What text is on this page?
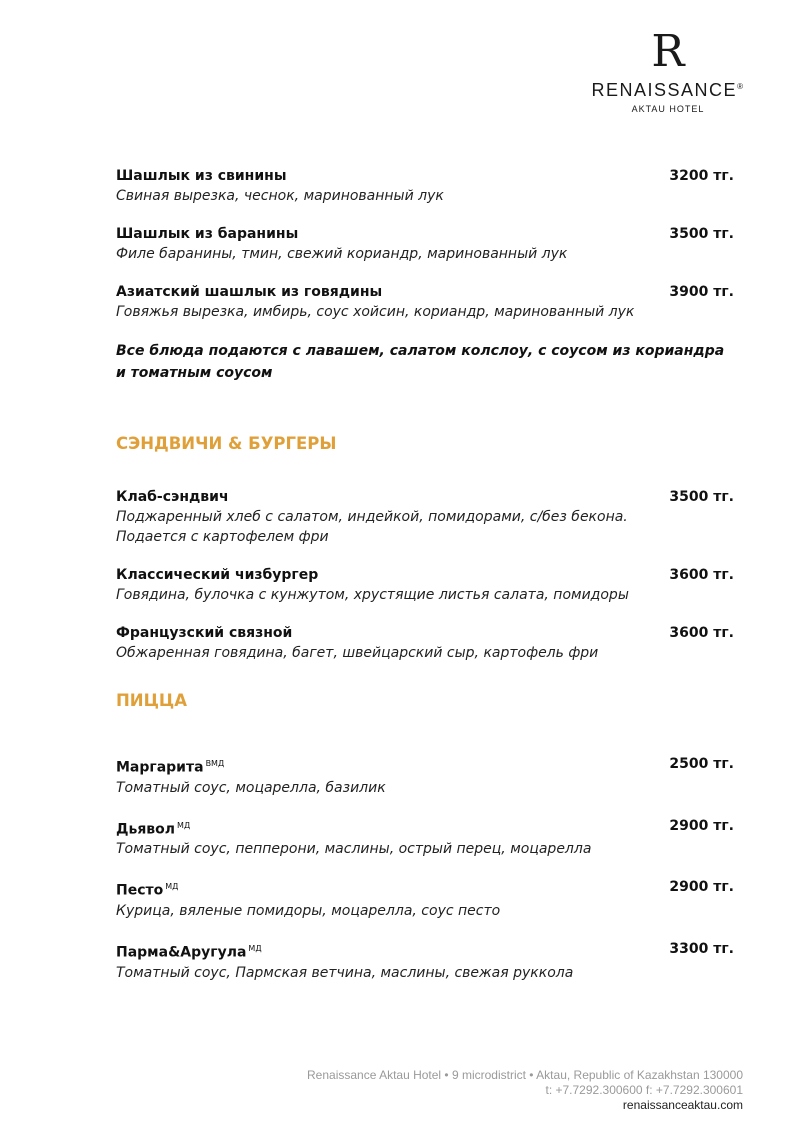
R
RENAISSANCE®
AKTAU HOTEL
Шашлык из свинины	3200 тг.
Свиная вырезка, чеснок, маринованный лук
Шашлык из баранины	3500 тг.
Филе баранины, тмин, свежий кориандр, маринованный лук
Азиатский шашлык из говядины	3900 тг.
Говяжья вырезка, имбирь, соус хойсин, кориандр, маринованный лук
Все блюда подаются с лавашем, салатом колслоу, с соусом из кориандра и томатным соусом
СЭНДВИЧИ & БУРГЕРЫ
Клаб-сэндвич	3500 тг.
Поджаренный хлеб с салатом, индейкой, помидорами, с/без бекона.
Подается с картофелем фри
Классический чизбургер	3600 тг.
Говядина, булочка с кунжутом, хрустящие листья салата, помидоры
Французский связной	3600 тг.
Обжаренная говядина, багет, швейцарский сыр, картофель фри
ПИЦЦА
Маргарита $^{ВМД}$	2500 тг.
Томатный соус, моцарелла, базилик
Дьявол $^{МД}$	2900 тг.
Томатный соус, пепперони, маслины, острый перец, моцарелла
Песто $^{МД}$	2900 тг.
Курица, вяленые помидоры, моцарелла, соус песто
Парма&Аругула $^{МД}$	3300 тг.
Томатный соус, Пармская ветчина, маслины, свежая руккола
Renaissance Aktau Hotel • 9 microdistrict • Aktau, Republic of Kazakhstan 130000
t: +7.7292.300600 f: +7.7292.300601
renaissanceaktau.com
